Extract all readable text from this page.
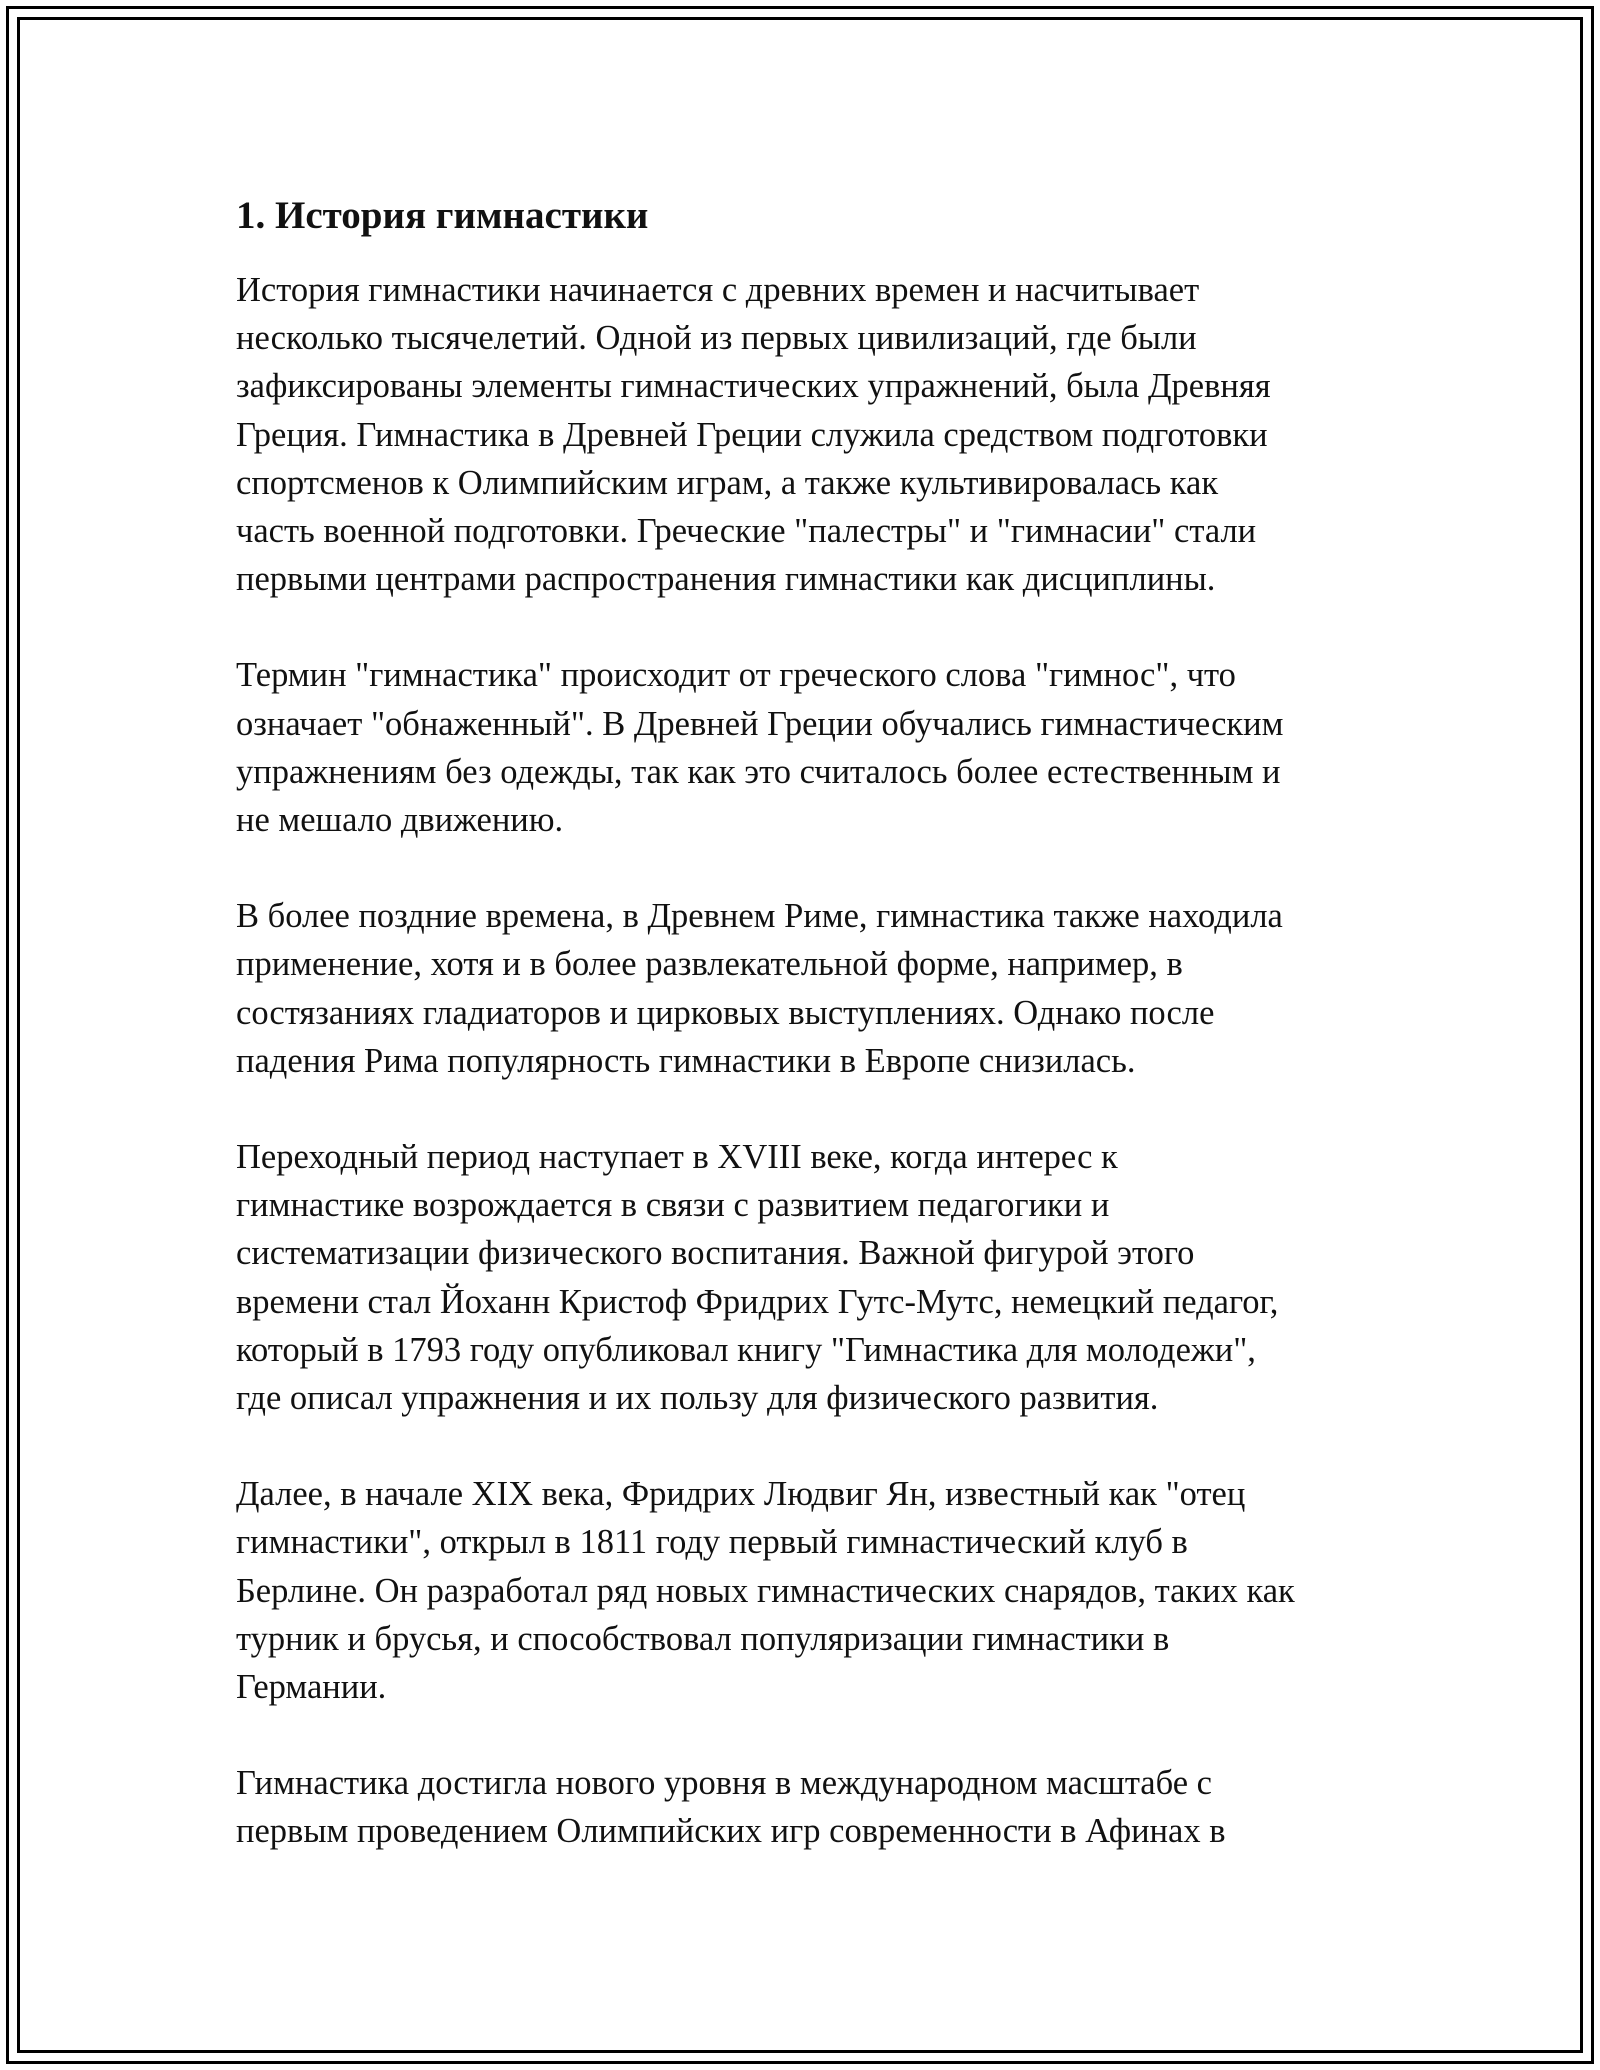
1. История гимнастики

История гимнастики начинается с древних времен и насчитывает
несколько тысячелетий. Одной из первых цивилизаций, где были
зафиксированы элементы гимнастических упражнений, была Древняя
Греция. Гимнастика в Древней Греции служила средством подготовки
спортсменов к Олимпийским играм, а также культивировалась как
часть военной подготовки. Греческие "палестры" и "гимнасии" стали
первыми центрами распространения гимнастики как дисциплины.

Термин "гимнастика" происходит от греческого слова "гимнос", что
означает "обнаженный". В Древней Греции обучались гимнастическим
упражнениям без одежды, так как это считалось более естественным и
не мешало движению.

В более поздние времена, в Древнем Риме, гимнастика также находила
применение, хотя и в более развлекательной форме, например, в
состязаниях гладиаторов и цирковых выступлениях. Однако после
падения Рима популярность гимнастики в Европе снизилась.

Переходный период наступает в XVIII веке, когда интерес к
гимнастике возрождается в связи с развитием педагогики и
систематизации физического воспитания. Важной фигурой этого
времени стал Йоханн Кристоф Фридрих Гутс-Мутс, немецкий педагог,
который в 1793 году опубликовал книгу "Гимнастика для молодежи",
где описал упражнения и их пользу для физического развития.

Далее, в начале XIX века, Фридрих Людвиг Ян, известный как "отец
гимнастики", открыл в 1811 году первый гимнастический клуб в
Берлине. Он разработал ряд новых гимнастических снарядов, таких как
турник и брусья, и способствовал популяризации гимнастики в
Германии.

Гимнастика достигла нового уровня в международном масштабе с
первым проведением Олимпийских игр современности в Афинах в
